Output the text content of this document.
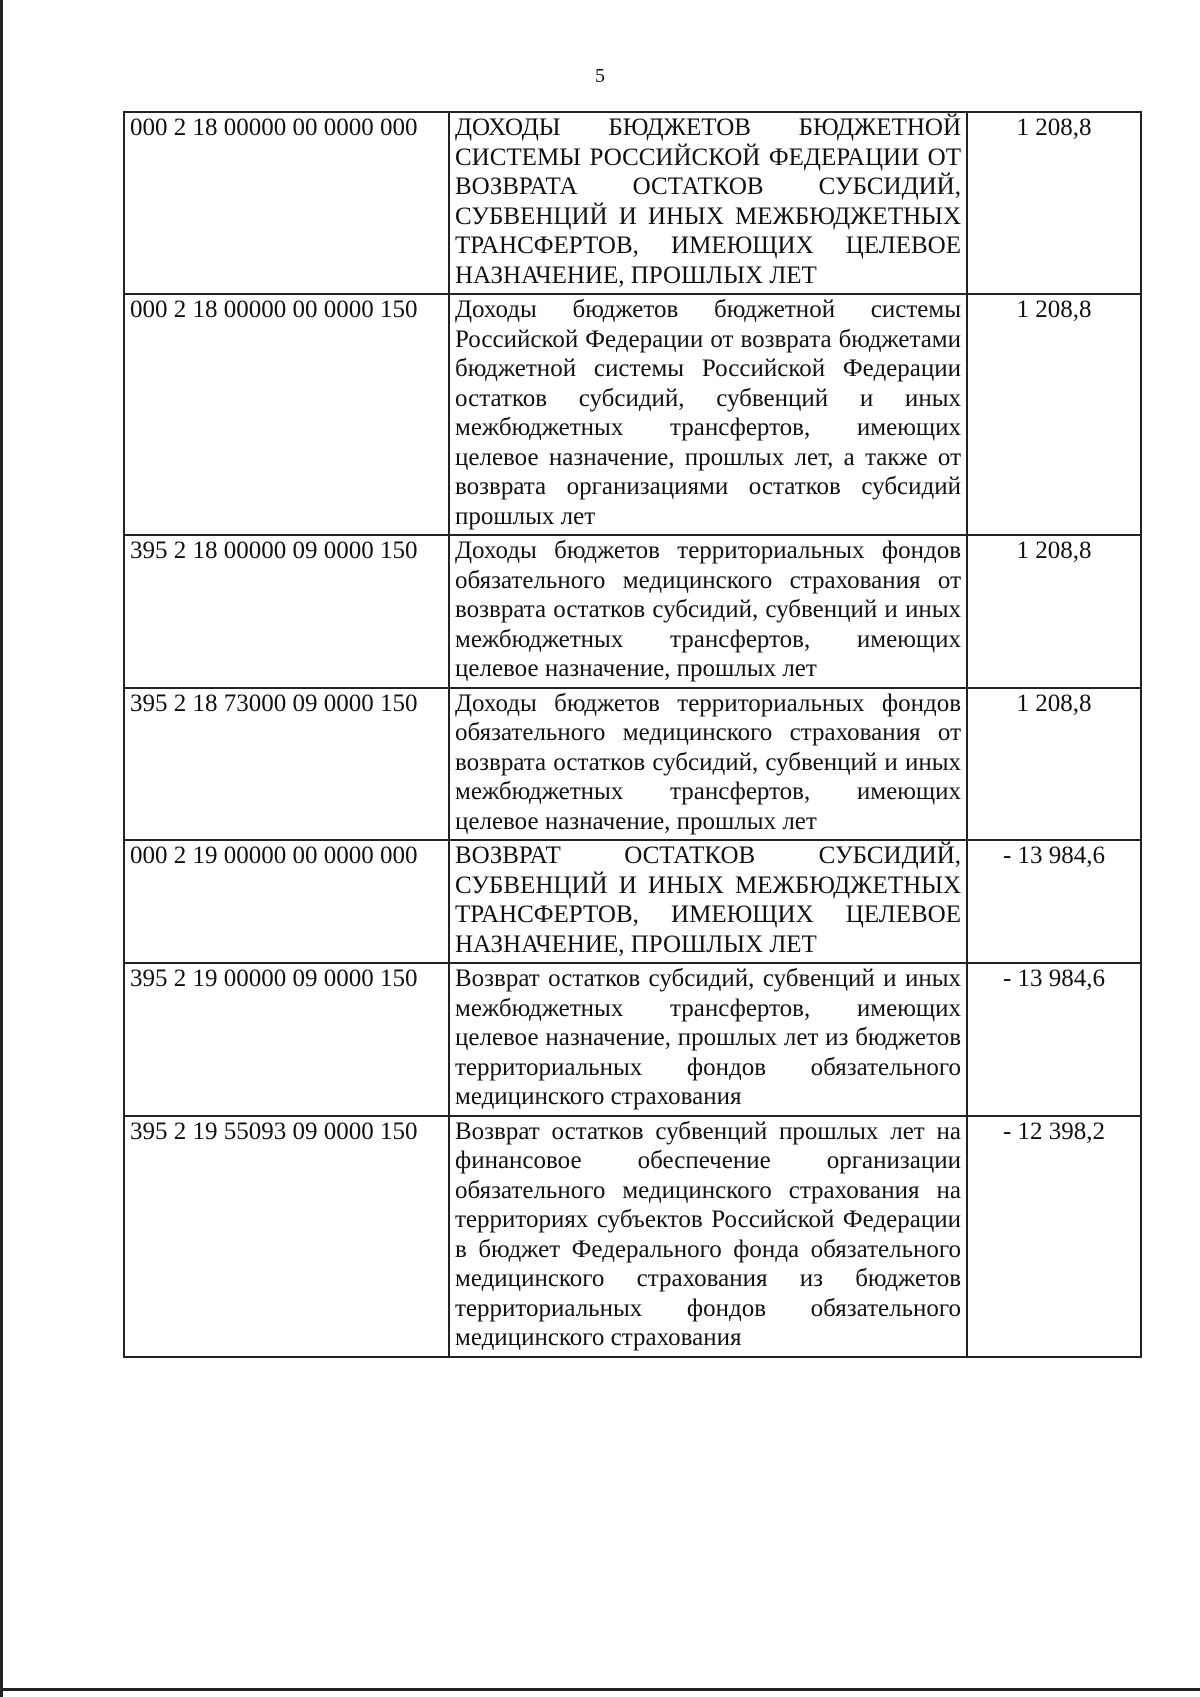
5
000 2 18 00000 00 0000 000	ДОХОДЫ БЮДЖЕТОВ БЮДЖЕТНОЙ СИСТЕМЫ РОССИЙСКОЙ ФЕДЕРАЦИИ ОТ ВОЗВРАТА ОСТАТКОВ СУБСИДИЙ, СУБВЕНЦИЙ И ИНЫХ МЕЖБЮДЖЕТНЫХ ТРАНСФЕРТОВ, ИМЕЮЩИХ ЦЕЛЕВОЕ НАЗНАЧЕНИЕ, ПРОШЛЫХ ЛЕТ	1 208,8
000 2 18 00000 00 0000 150	Доходы бюджетов бюджетной системы Российской Федерации от возврата бюджетами бюджетной системы Российской Федерации остатков субсидий, субвенций и иных межбюджетных трансфертов, имеющих целевое назначение, прошлых лет, а также от возврата организациями остатков субсидий прошлых лет	1 208,8
395 2 18 00000 09 0000 150	Доходы бюджетов территориальных фондов обязательного медицинского страхования от возврата остатков субсидий, субвенций и иных межбюджетных трансфертов, имеющих целевое назначение, прошлых лет	1 208,8
395 2 18 73000 09 0000 150	Доходы бюджетов территориальных фондов обязательного медицинского страхования от возврата остатков субсидий, субвенций и иных межбюджетных трансфертов, имеющих целевое назначение, прошлых лет	1 208,8
000 2 19 00000 00 0000 000	ВОЗВРАТ ОСТАТКОВ СУБСИДИЙ, СУБВЕНЦИЙ И ИНЫХ МЕЖБЮДЖЕТНЫХ ТРАНСФЕРТОВ, ИМЕЮЩИХ ЦЕЛЕВОЕ НАЗНАЧЕНИЕ, ПРОШЛЫХ ЛЕТ	- 13 984,6
395 2 19 00000 09 0000 150	Возврат остатков субсидий, субвенций и иных межбюджетных трансфертов, имеющих целевое назначение, прошлых лет из бюджетов территориальных фондов обязательного медицинского страхования	- 13 984,6
395 2 19 55093 09 0000 150	Возврат остатков субвенций прошлых лет на финансовое обеспечение организации обязательного медицинского страхования на территориях субъектов Российской Федерации в бюджет Федерального фонда обязательного медицинского страхования из бюджетов территориальных фондов обязательного медицинского страхования	- 12 398,2
